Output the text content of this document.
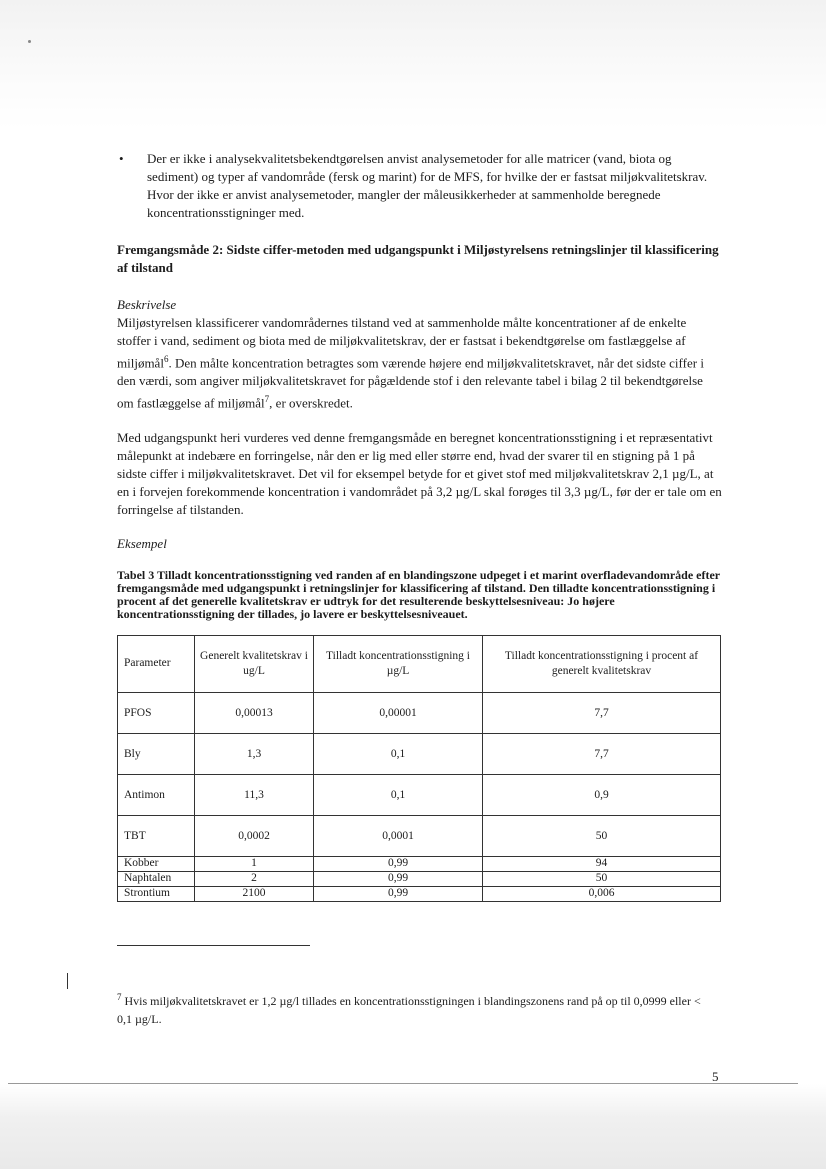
•	Der er ikke i analysekvalitetsbekendtgørelsen anvist analysemetoder for alle matricer (vand, biota og sediment) og typer af vandområde (fersk og marint) for de MFS, for hvilke der er fastsat miljøkvalitetskrav. Hvor der ikke er anvist analysemetoder, mangler der måleusikkerheder at sammenholde beregnede koncentrationsstigninger med.

Fremgangsmåde 2: Sidste ciffer-metoden med udgangspunkt i Miljøstyrelsens retningslinjer til klassificering af tilstand

Beskrivelse

Miljøstyrelsen klassificerer vandområdernes tilstand ved at sammenholde målte koncentrationer af de enkelte stoffer i vand, sediment og biota med de miljøkvalitetskrav, der er fastsat i bekendtgørelse om fastlæggelse af miljømål$^6$. Den målte koncentration betragtes som værende højere end miljøkvalitetskravet, når det sidste ciffer i den værdi, som angiver miljøkvalitetskravet for pågældende stof i den relevante tabel i bilag 2 til bekendtgørelse om fastlæggelse af miljømål$^7$, er overskredet.

Med udgangspunkt heri vurderes ved denne fremgangsmåde en beregnet koncentrationsstigning i et repræsentativt målepunkt at indebære en forringelse, når den er lig med eller større end, hvad der svarer til en stigning på 1 på sidste ciffer i miljøkvalitetskravet. Det vil for eksempel betyde for et givet stof med miljøkvalitetskrav 2,1 µg/L, at en i forvejen forekommende koncentration i vandområdet på 3,2 µg/L skal forøges til 3,3 µg/L, før der er tale om en forringelse af tilstanden.

Eksempel

Tabel 3 Tilladt koncentrationsstigning ved randen af en blandingszone udpeget i et marint overfladevandområde efter fremgangsmåde med udgangspunkt i retningslinjer for klassificering af tilstand. Den tilladte koncentrationsstigning i procent af det generelle kvalitetskrav er udtryk for det resulterende beskyttelsesniveau: Jo højere koncentrationsstigning der tillades, jo lavere er beskyttelsesniveauet.

Parameter	Generelt kvalitetskrav i ug/L	Tilladt koncentrationsstigning i µg/L	Tilladt koncentrationsstigning i procent af generelt kvalitetskrav
PFOS	0,00013	0,00001	7,7
Bly	1,3	0,1	7,7
Antimon	11,3	0,1	0,9
TBT	0,0002	0,0001	50
Kobber	1	0,99	94
Naphtalen	2	0,99	50
Strontium	2100	0,99	0,006
$^7$ Hvis miljøkvalitetskravet er 1,2 µg/l tillades en koncentrationsstigningen i blandingszonens rand på op til 0,0999 eller < 0,1 µg/L.
5
